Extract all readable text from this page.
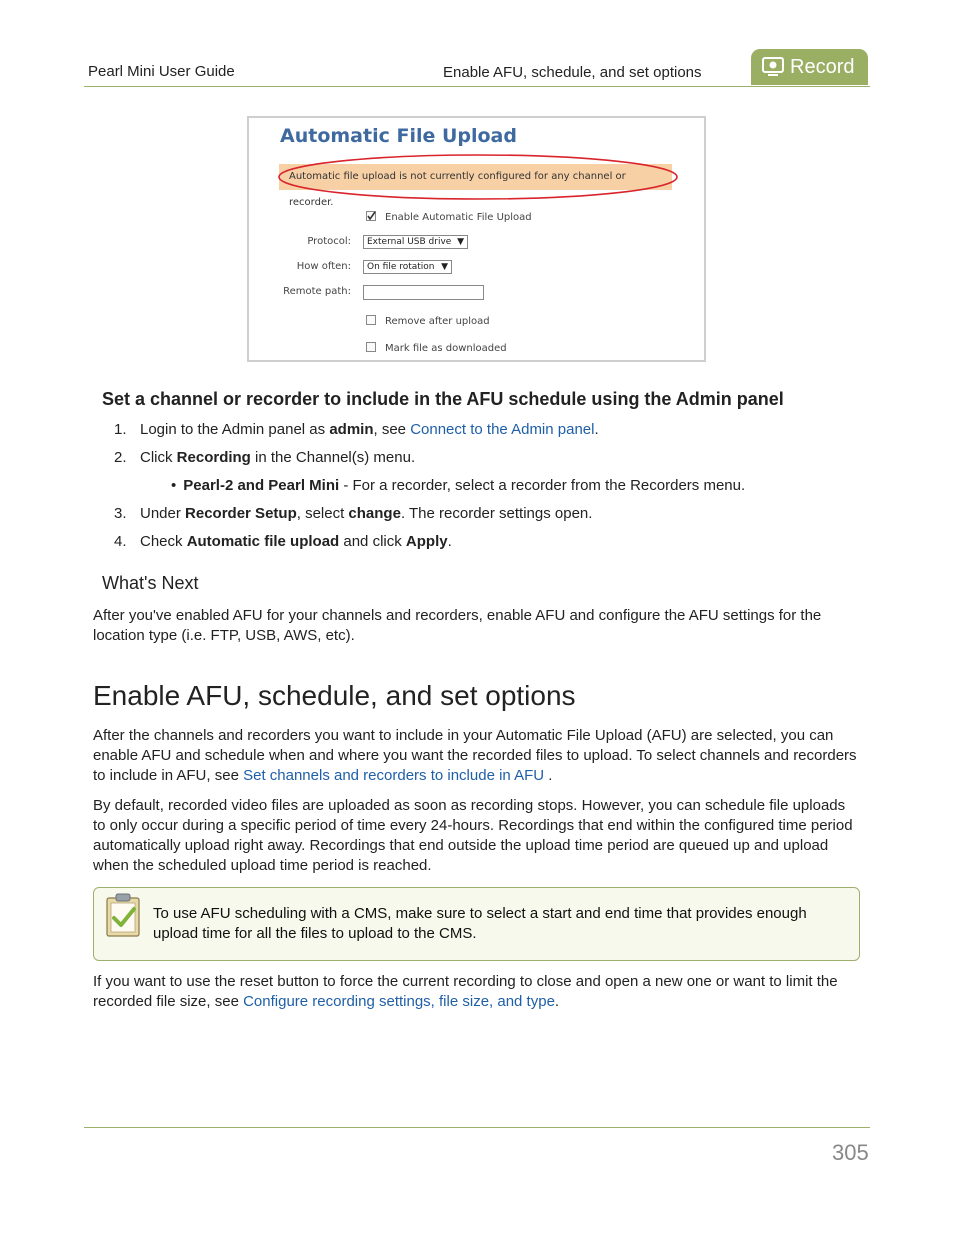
Pearl Mini User Guide	Enable AFU, schedule, and set options	Record
Automatic File Upload
Automatic file upload is not currently configured for any channel or recorder.
Enable Automatic File Upload
Protocol:	External USB drive ▼
How often:	On file rotation ▼
Remote path:
Remove after upload
Mark file as downloaded
Set a channel or recorder to include in the AFU schedule using the Admin panel
1. Login to the Admin panel as admin, see Connect to the Admin panel.
2. Click Recording in the Channel(s) menu.
• Pearl-2 and Pearl Mini - For a recorder, select a recorder from the Recorders menu.
3. Under Recorder Setup, select change. The recorder settings open.
4. Check Automatic file upload and click Apply.
What's Next
After you've enabled AFU for your channels and recorders, enable AFU and configure the AFU settings for the location type (i.e. FTP, USB, AWS, etc).
Enable AFU, schedule, and set options
After the channels and recorders you want to include in your Automatic File Upload (AFU) are selected, you can enable AFU and schedule when and where you want the recorded files to upload. To select channels and recorders to include in AFU, see Set channels and recorders to include in AFU .
By default, recorded video files are uploaded as soon as recording stops. However, you can schedule file uploads to only occur during a specific period of time every 24-hours. Recordings that end within the configured time period automatically upload right away. Recordings that end outside the upload time period are queued up and upload when the scheduled upload time period is reached.
To use AFU scheduling with a CMS, make sure to select a start and end time that provides enough upload time for all the files to upload to the CMS.
If you want to use the reset button to force the current recording to close and open a new one or want to limit the recorded file size, see Configure recording settings, file size, and type.
305
